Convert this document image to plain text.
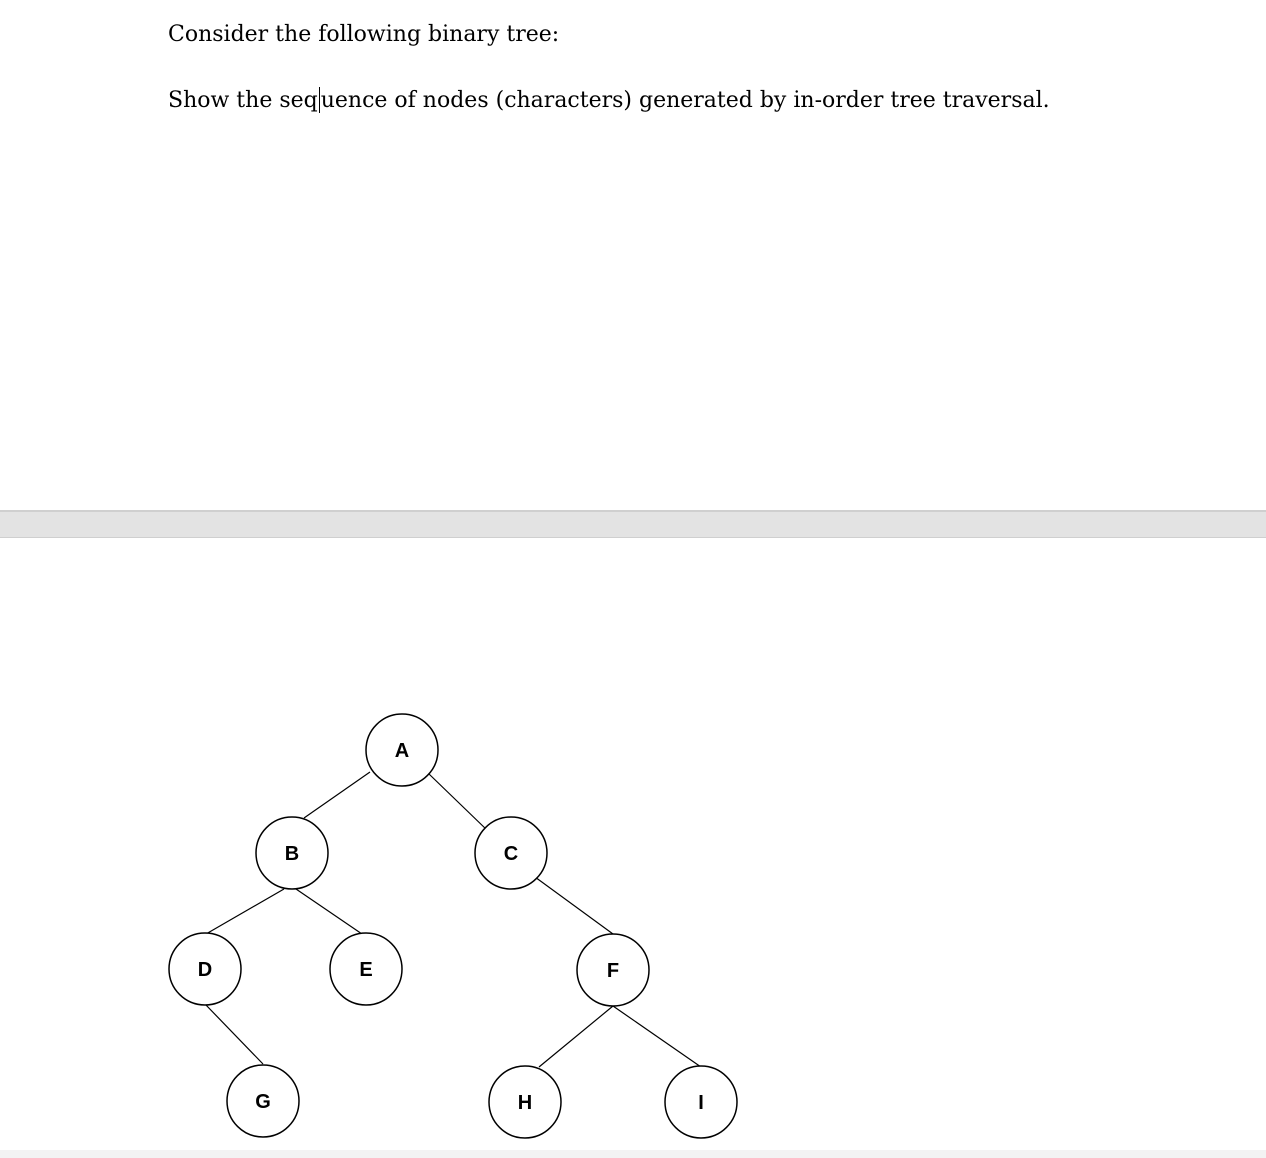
Consider the following binary tree:
Show the seq uence of nodes (characters) generated by in-order tree traversal.
A
B	C
D	E	F
G	H	I
